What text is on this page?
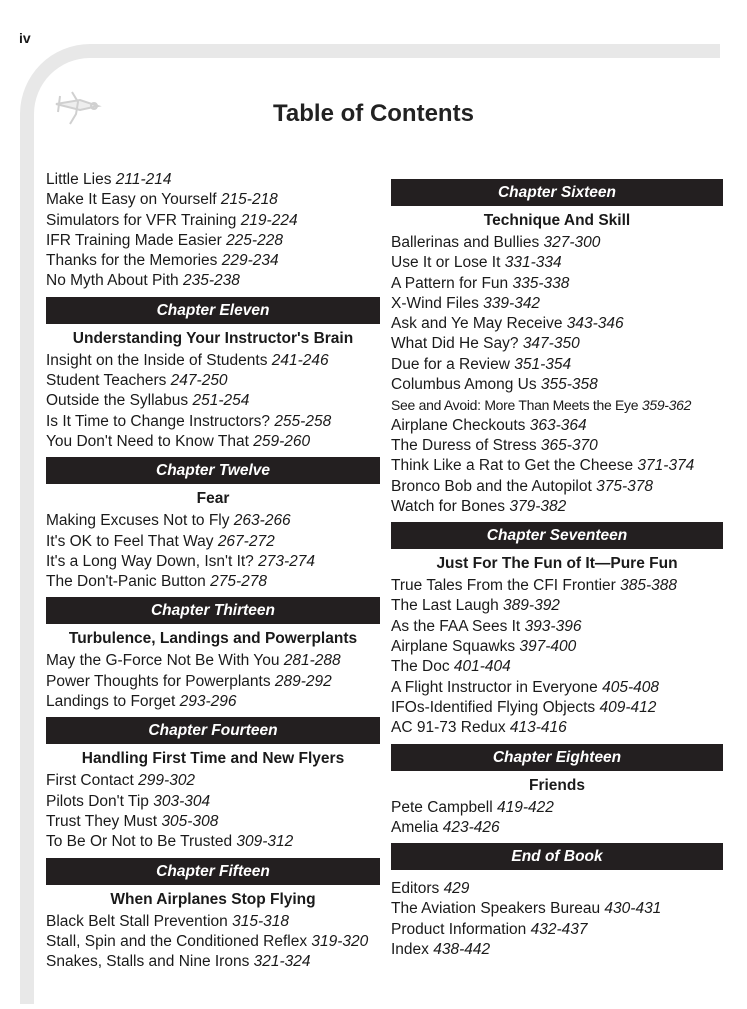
iv
Table of Contents
Little Lies 211-214
Make It Easy on Yourself 215-218
Simulators for VFR Training 219-224
IFR Training Made Easier 225-228
Thanks for the Memories 229-234
No Myth About Pith 235-238
Chapter Eleven
Understanding Your Instructor's Brain
Insight on the Inside of Students 241-246
Student Teachers 247-250
Outside the Syllabus 251-254
Is It Time to Change Instructors? 255-258
You Don't Need to Know That 259-260
Chapter Twelve
Fear
Making Excuses Not to Fly 263-266
It's OK to Feel That Way 267-272
It's a Long Way Down, Isn't It? 273-274
The Don't-Panic Button 275-278
Chapter Thirteen
Turbulence, Landings and Powerplants
May the G-Force Not Be With You 281-288
Power Thoughts for Powerplants 289-292
Landings to Forget 293-296
Chapter Fourteen
Handling First Time and New Flyers
First Contact 299-302
Pilots Don't Tip 303-304
Trust They Must 305-308
To Be Or Not to Be Trusted 309-312
Chapter Fifteen
When Airplanes Stop Flying
Black Belt Stall Prevention 315-318
Stall, Spin and the Conditioned Reflex 319-320
Snakes, Stalls and Nine Irons 321-324
Chapter Sixteen
Technique And Skill
Ballerinas and Bullies 327-300
Use It or Lose It 331-334
A Pattern for Fun 335-338
X-Wind Files 339-342
Ask and Ye May Receive 343-346
What Did He Say? 347-350
Due for a Review 351-354
Columbus Among Us 355-358
See and Avoid: More Than Meets the Eye 359-362
Airplane Checkouts 363-364
The Duress of Stress 365-370
Think Like a Rat to Get the Cheese 371-374
Bronco Bob and the Autopilot 375-378
Watch for Bones 379-382
Chapter Seventeen
Just For The Fun of It—Pure Fun
True Tales From the CFI Frontier 385-388
The Last Laugh 389-392
As the FAA Sees It 393-396
Airplane Squawks 397-400
The Doc 401-404
A Flight Instructor in Everyone 405-408
IFOs-Identified Flying Objects 409-412
AC 91-73 Redux 413-416
Chapter Eighteen
Friends
Pete Campbell 419-422
Amelia 423-426
End of Book
Editors 429
The Aviation Speakers Bureau 430-431
Product Information 432-437
Index 438-442
